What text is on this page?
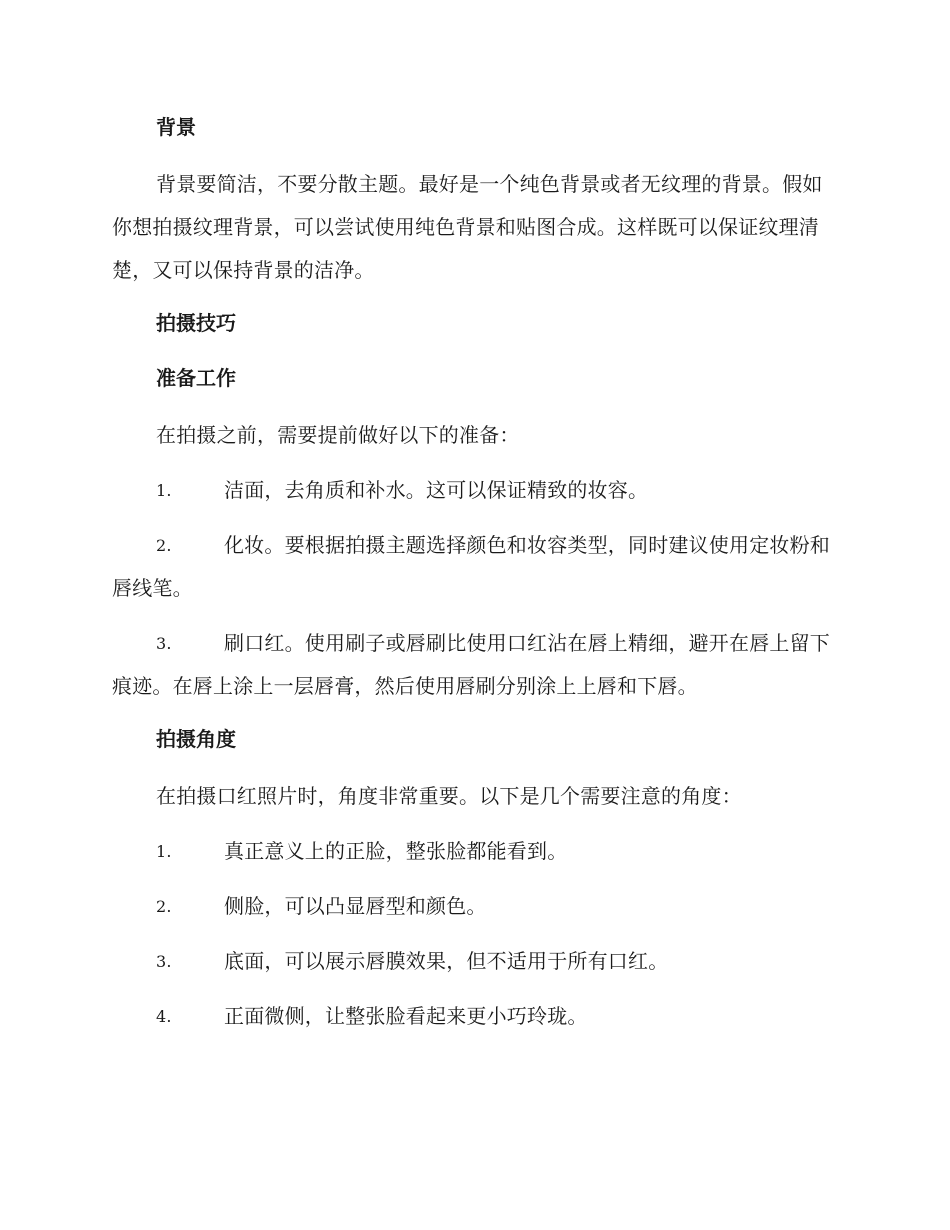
背景

背景要简洁，不要分散主题。最好是一个纯色背景或者无纹理的背景。假如你想拍摄纹理背景，可以尝试使用纯色背景和贴图合成。这样既可以保证纹理清楚，又可以保持背景的洁净。

拍摄技巧
准备工作

在拍摄之前，需要提前做好以下的准备：

1.	洁面，去角质和补水。这可以保证精致的妆容。
2.	化妆。要根据拍摄主题选择颜色和妆容类型，同时建议使用定妆粉和唇线笔。
3.	刷口红。使用刷子或唇刷比使用口红沾在唇上精细，避开在唇上留下痕迹。在唇上涂上一层唇膏，然后使用唇刷分别涂上上唇和下唇。
拍摄角度

在拍摄口红照片时，角度非常重要。以下是几个需要注意的角度：

1.	真正意义上的正脸，整张脸都能看到。
2.	侧脸，可以凸显唇型和颜色。
3.	底面，可以展示唇膜效果，但不适用于所有口红。
4.	正面微侧，让整张脸看起来更小巧玲珑。
